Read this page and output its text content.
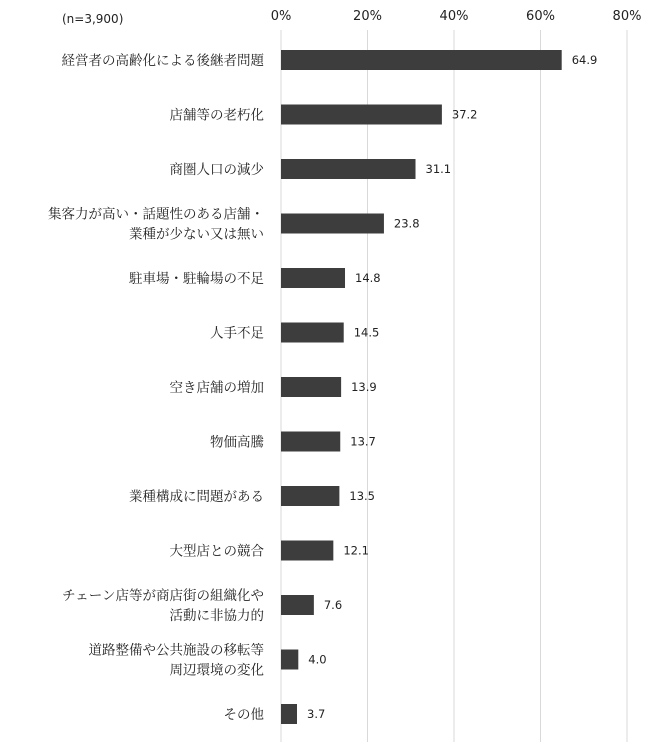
(n=3,900)	0%	20%	40%	60%	80%
64.9
経営者の高齢化による後継者問題
37.2
店舗等の老朽化
31.1
商圏人口の減少
23.8
集客力が高い・話題性のある店舗・
業種が少ない又は無い
14.8
駐車場・駐輪場の不足
14.5
人手不足
13.9
空き店舗の増加
13.7
物価高騰
13.5
業種構成に問題がある
12.1
大型店との競合
7.6
チェーン店等が商店街の組織化や
活動に非協力的
4.0
道路整備や公共施設の移転等
周辺環境の変化
3.7
その他
